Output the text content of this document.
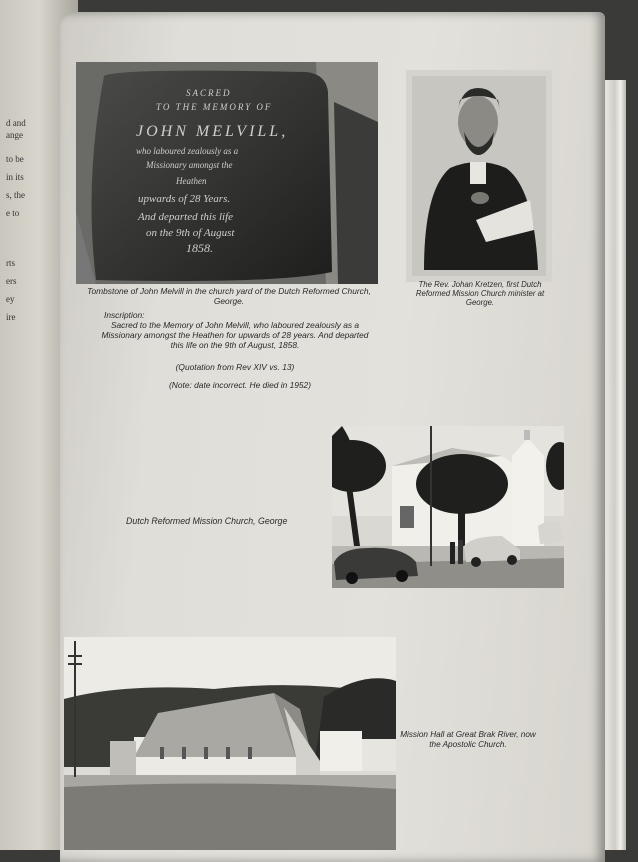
d and
ange
to be
in its
s, the
e to
rts
ers
ey
ire
SACRED
TO THE MEMORY OF
JOHN MELVILL,
who laboured zealously as a
Missionary amongst the
Heathen
upwards of 28 Years.
And departed this life
on the 9th of August
1858.
Tombstone of John Melvill in the church yard of the Dutch Reformed Church, George.
Inscription:
Sacred to the Memory of John Melvill, who laboured zealously as a Missionary amongst the Heathen for upwards of 28 years. And departed this life on the 9th of August, 1858.
(Quotation from Rev XIV vs. 13)
(Note: date incorrect. He died in 1952)
The Rev. Johan Kretzen, first Dutch Reformed Mission Church minister at George.
Dutch Reformed Mission Church, George
Mission Hall at Great Brak River, now the Apostolic Church.
